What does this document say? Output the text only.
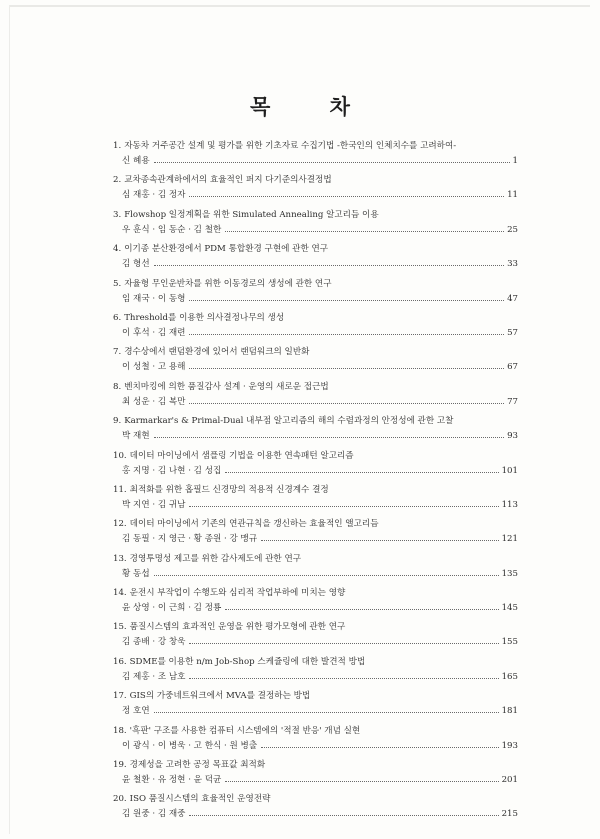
목 차
1. 자동차 거주공간 설계 및 평가를 위한 기초자료 수집기법 -한국인의 인체치수를 고려하여-
신 혜용	1
2. 교차종속관계하에서의 효율적인 퍼지 다기준의사결정법
심 재홍 · 김 정자	11
3. Flowshop 일정계획을 위한 Simulated Annealing 알고리듬 이용
우 훈식 · 임 동순 · 김 철한	25
4. 이기종 분산환경에서 PDM 통합환경 구현에 관한 연구
김 형선	33
5. 자율형 무인운반차를 위한 이동경로의 생성에 관한 연구
임 재국 · 이 동형	47
6. Threshold를 이용한 의사결정나무의 생성
이 후석 · 김 재련	57
7. 경수상에서 랜덤환경에 있어서 랜덤워크의 일반화
이 성철 · 고 용해	67
8. 벤치마킹에 의한 품질감사 설계 · 운영의 새로운 접근법
최 성운 · 김 복만	77
9. Karmarkar's & Primal-Dual 내부점 알고리즘의 해의 수렴과정의 안정성에 관한 고찰
박 재현	93
10. 데이터 마이닝에서 샘플링 기법을 이용한 연속패턴 알고리즘
홍 지명 · 김 나현 · 김 성집	101
11. 최적화를 위한 홉필드 신경망의 적용적 신경계수 결정
박 지연 · 김 귀남	113
12. 데이터 마이닝에서 기존의 연관규칙을 갱신하는 효율적인 앨고리듬
김 동필 · 지 영근 · 황 종원 · 강 맹규	121
13. 경영투명성 제고를 위한 감사제도에 관한 연구
황 동섭	135
14. 운전시 부작업이 수행도와 심리적 작업부하에 미치는 영향
윤 상영 · 이 근희 · 김 정룡	145
15. 품질시스템의 효과적인 운영을 위한 평가모형에 관한 연구
김 종배 · 강 창욱	155
16. SDME를 이용한 n/m Job-Shop 스케쥴링에 대한 발견적 방법
김 제홍 · 조 남호	165
17. GIS의 가중네트워크에서 MVA를 결정하는 방법
정 호연	181
18. '흑판' 구조를 사용한 컴퓨터 시스템에의 '적절 반응' 개념 실현
이 광식 · 이 병욱 · 고 한식 · 원 병출	193
19. 경제성을 고려한 공정 목표값 최적화
윤 철환 · 유 정현 · 윤 덕균	201
20. ISO 품질시스템의 효율적인 운영전략
김 원중 · 김 재중	215
